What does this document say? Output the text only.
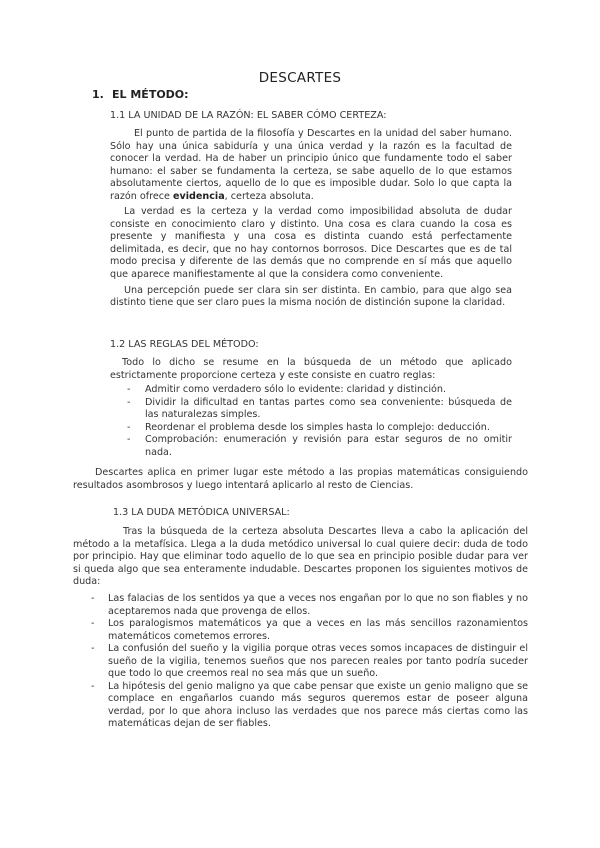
DESCARTES
1. EL MÉTODO:
1.1 LA UNIDAD DE LA RAZÓN: EL SABER CÓMO CERTEZA:

El punto de partida de la filosofía y Descartes en la unidad del saber humano. Sólo hay una única sabiduría y una única verdad y la razón es la facultad de conocer la verdad. Ha de haber un principio único que fundamente todo el saber humano: el saber se fundamenta la certeza, se sabe aquello de lo que estamos absolutamente ciertos, aquello de lo que es imposible dudar. Solo lo que capta la razón ofrece evidencia, certeza absoluta.

La verdad es la certeza y la verdad como imposibilidad absoluta de dudar consiste en conocimiento claro y distinto. Una cosa es clara cuando la cosa es presente y manifiesta y una cosa es distinta cuando está perfectamente delimitada, es decir, que no hay contornos borrosos. Dice Descartes que es de tal modo precisa y diferente de las demás que no comprende en sí más que aquello que aparece manifiestamente al que la considera como conveniente.

Una percepción puede ser clara sin ser distinta. En cambio, para que algo sea distinto tiene que ser claro pues la misma noción de distinción supone la claridad.

1.2 LAS REGLAS DEL MÉTODO:

Todo lo dicho se resume en la búsqueda de un método que aplicado estrictamente proporcione certeza y este consiste en cuatro reglas:

- Admitir como verdadero sólo lo evidente: claridad y distinción.
- Dividir la dificultad en tantas partes como sea conveniente: búsqueda de las naturalezas simples.
- Reordenar el problema desde los simples hasta lo complejo: deducción.
- Comprobación: enumeración y revisión para estar seguros de no omitir nada.

Descartes aplica en primer lugar este método a las propias matemáticas consiguiendo resultados asombrosos y luego intentará aplicarlo al resto de Ciencias.

1.3 LA DUDA METÓDICA UNIVERSAL:

Tras la búsqueda de la certeza absoluta Descartes lleva a cabo la aplicación del método a la metafísica. Llega a la duda metódico universal lo cual quiere decir: duda de todo por principio. Hay que eliminar todo aquello de lo que sea en principio posible dudar para ver si queda algo que sea enteramente indudable. Descartes proponen los siguientes motivos de duda:

- Las falacias de los sentidos ya que a veces nos engañan por lo que no son fiables y no aceptaremos nada que provenga de ellos.
- Los paralogismos matemáticos ya que a veces en las más sencillos razonamientos matemáticos cometemos errores.
- La confusión del sueño y la vigilia porque otras veces somos incapaces de distinguir el sueño de la vigilia, tenemos sueños que nos parecen reales por tanto podría suceder que todo lo que creemos real no sea más que un sueño.
- La hipótesis del genio maligno ya que cabe pensar que existe un genio maligno que se complace en engañarlos cuando más seguros queremos estar de poseer alguna verdad, por lo que ahora incluso las verdades que nos parece más ciertas como las matemáticas dejan de ser fiables.
